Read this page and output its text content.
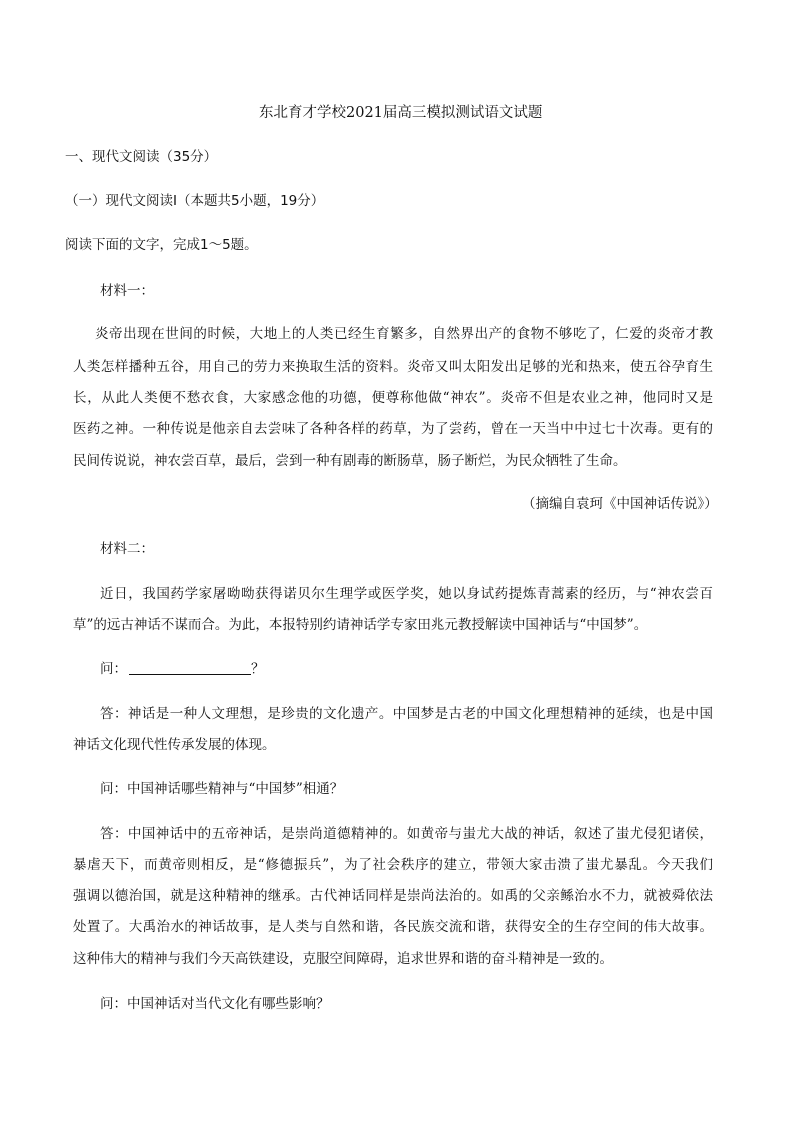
东北育才学校2021届高三模拟测试语文试题
一、现代文阅读（35分）
（一）现代文阅读Ⅰ（本题共5小题，19分）
阅读下面的文字，完成1～5题。
材料一：
炎帝出现在世间的时候，大地上的人类已经生育繁多，自然界出产的食物不够吃了，仁爱的炎帝才教
人类怎样播种五谷，用自己的劳力来换取生活的资料。炎帝又叫太阳发出足够的光和热来，使五谷孕育生
长，从此人类便不愁衣食，大家感念他的功德，便尊称他做“神农”。炎帝不但是农业之神，他同时又是
医药之神。一种传说是他亲自去尝味了各种各样的药草，为了尝药，曾在一天当中中过七十次毒。更有的
民间传说说，神农尝百草，最后，尝到一种有剧毒的断肠草，肠子断烂，为民众牺牲了生命。
（摘编自袁珂《中国神话传说》）
材料二：
近日，我国药学家屠呦呦获得诺贝尔生理学或医学奖，她以身试药提炼青蒿素的经历，与“神农尝百
草”的远古神话不谋而合。为此，本报特别约请神话学专家田兆元教授解读中国神话与“中国梦”。
问：	？
答：神话是一种人文理想，是珍贵的文化遗产。中国梦是古老的中国文化理想精神的延续，也是中国
神话文化现代性传承发展的体现。
问：中国神话哪些精神与“中国梦”相通？
答：中国神话中的五帝神话，是崇尚道德精神的。如黄帝与蚩尤大战的神话，叙述了蚩尤侵犯诸侯，
暴虐天下，而黄帝则相反，是“修德振兵”，为了社会秩序的建立，带领大家击溃了蚩尤暴乱。今天我们
强调以德治国，就是这种精神的继承。古代神话同样是崇尚法治的。如禹的父亲鲧治水不力，就被舜依法
处置了。大禹治水的神话故事，是人类与自然和谐，各民族交流和谐，获得安全的生存空间的伟大故事。
这种伟大的精神与我们今天高铁建设，克服空间障碍，追求世界和谐的奋斗精神是一致的。
问：中国神话对当代文化有哪些影响？
